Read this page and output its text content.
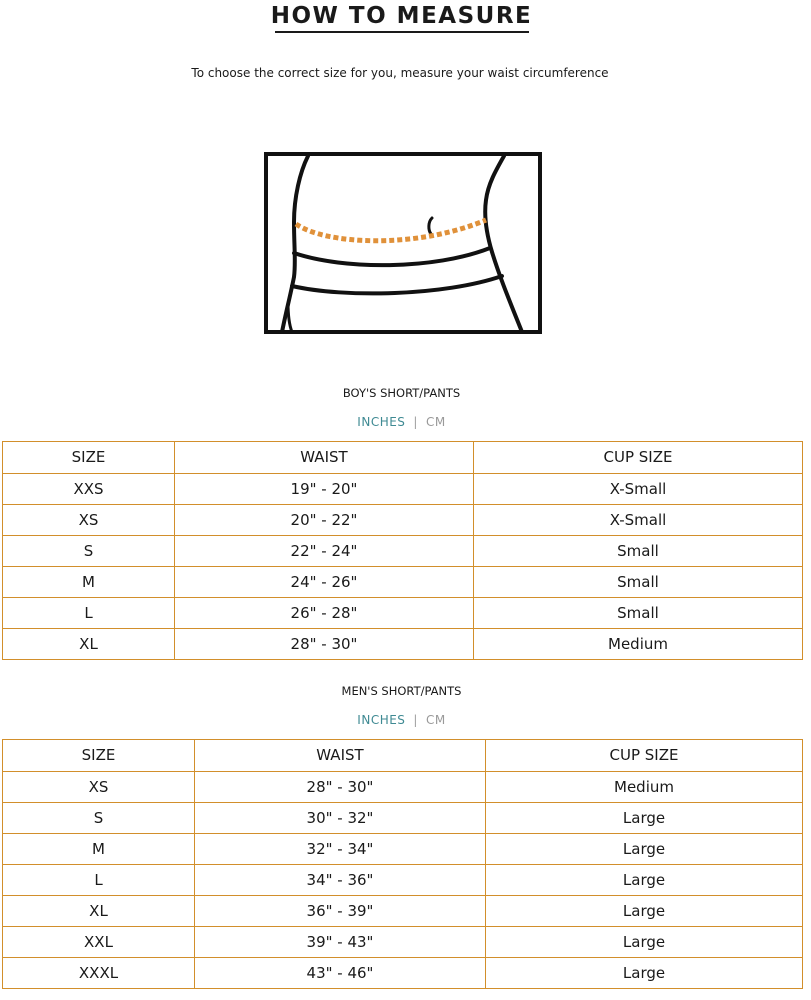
HOW TO MEASURE
To choose the correct size for you, measure your waist circumference
BOY'S SHORT/PANTS
INCHES | CM
SIZE	WAIST	CUP SIZE
XXS	19" - 20"	X-Small
XS	20" - 22"	X-Small
S	22" - 24"	Small
M	24" - 26"	Small
L	26" - 28"	Small
XL	28" - 30"	Medium
MEN'S SHORT/PANTS
INCHES | CM
SIZE	WAIST	CUP SIZE
XS	28" - 30"	Medium
S	30" - 32"	Large
M	32" - 34"	Large
L	34" - 36"	Large
XL	36" - 39"	Large
XXL	39" - 43"	Large
XXXL	43" - 46"	Large
